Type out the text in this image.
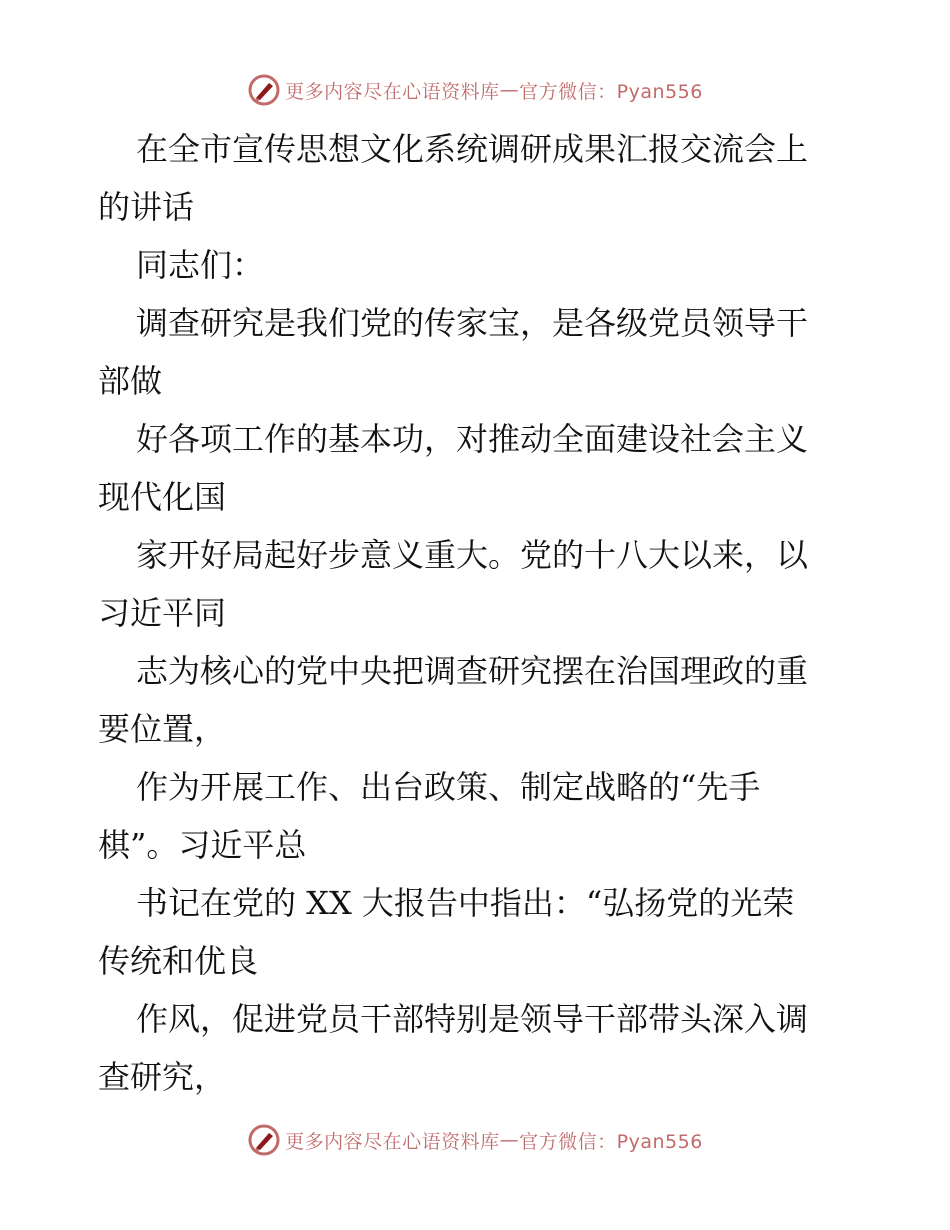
更多内容尽在心语资料库 — 官方微信：Pyan556
在全市宣传思想文化系统调研成果汇报交流会上
的讲话
同志们：
调查研究是我们党的传家宝，是各级党员领导干
部做
好各项工作的基本功，对推动全面建设社会主义
现代化国
家开好局起好步意义重大。党的十八大以来，以
习近平同
志为核心的党中央把调查研究摆在治国理政的重
要位置，
作为开展工作、出台政策、制定战略的“先手
棋”。习近平总
书记在党的 XX 大报告中指出：“弘扬党的光荣
传统和优良
作风，促进党员干部特别是领导干部带头深入调
查研究，
更多内容尽在心语资料库 — 官方微信：Pyan556
